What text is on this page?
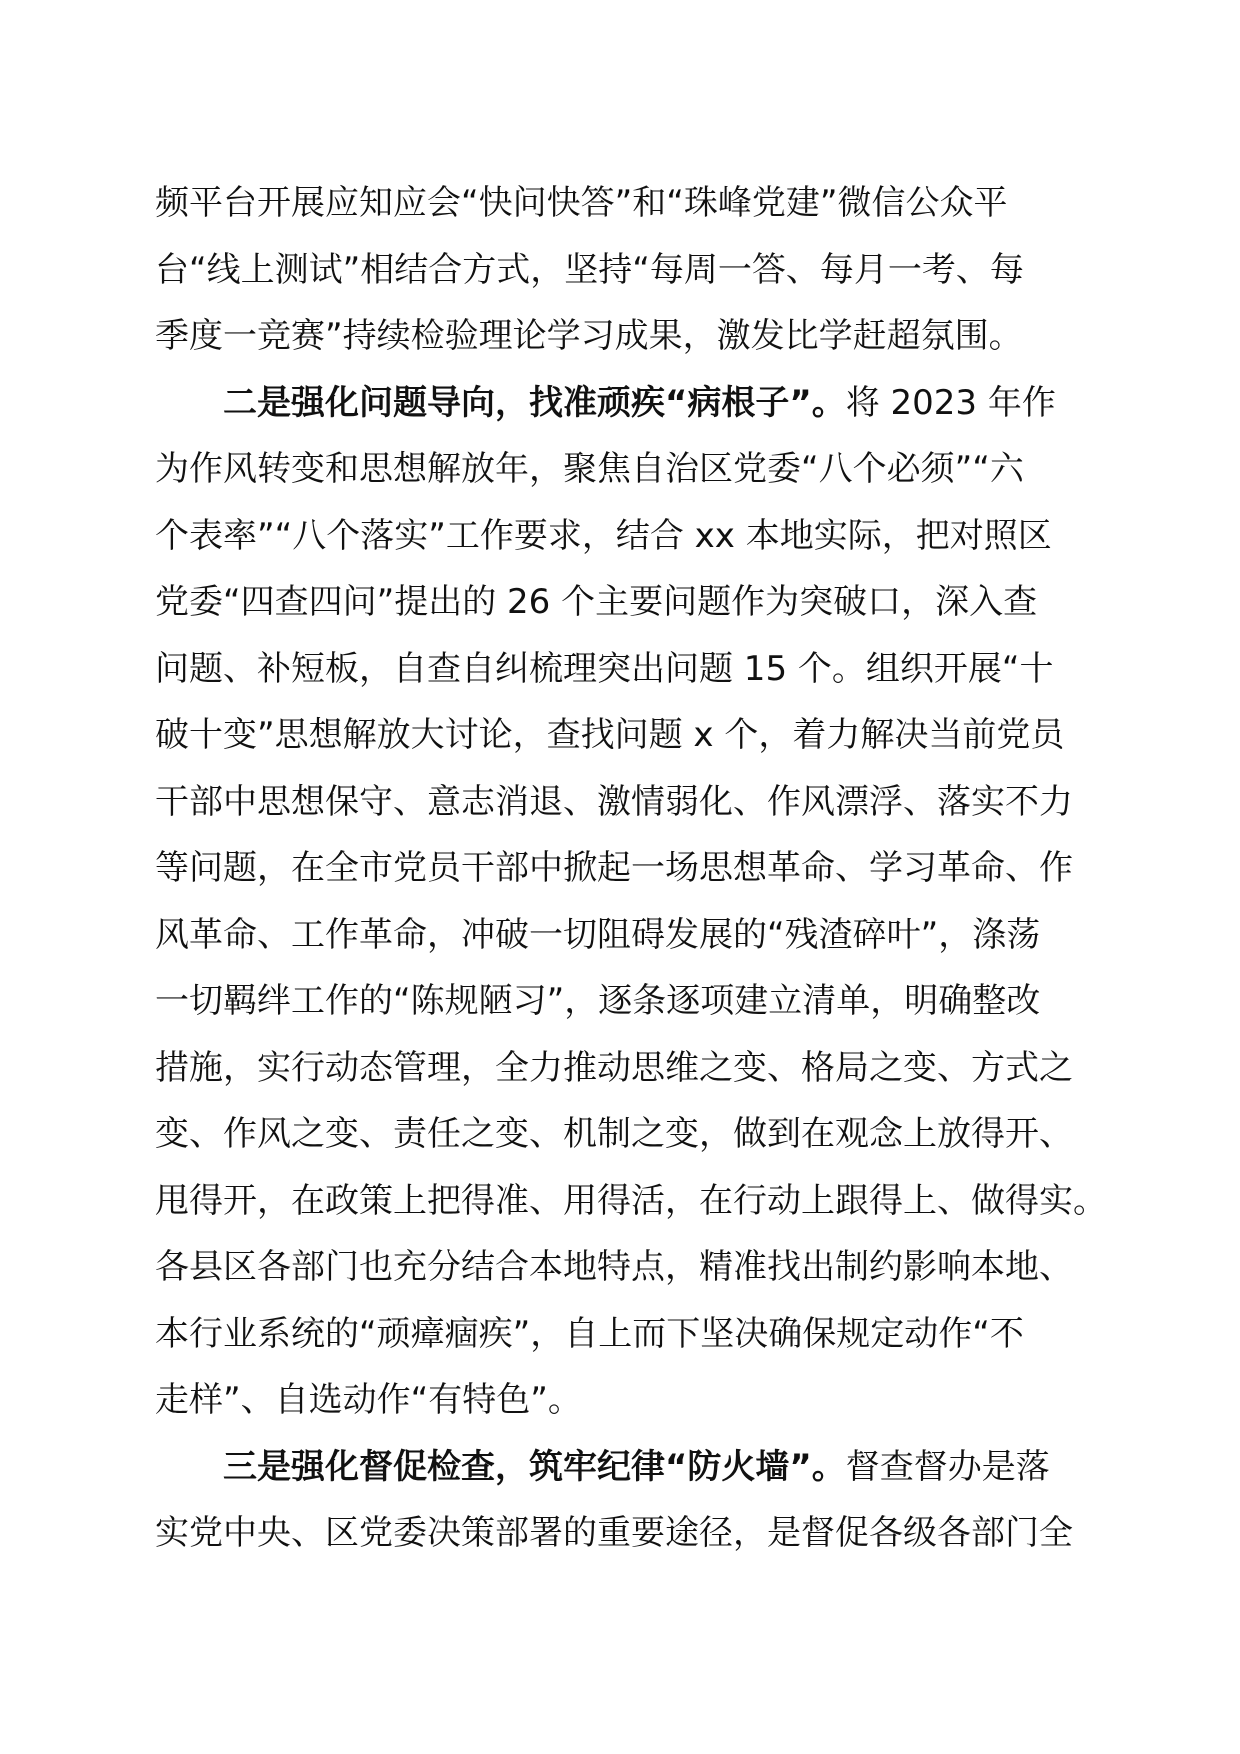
频平台开展应知应会“快问快答”和“珠峰党建”微信公众平
台“线上测试”相结合方式，坚持“每周一答、每月一考、每
季度一竞赛”持续检验理论学习成果，激发比学赶超氛围。
二是强化问题导向，找准顽疾“病根子”。将 2023 年作
为作风转变和思想解放年，聚焦自治区党委“八个必须”“六
个表率”“八个落实”工作要求，结合 xx 本地实际，把对照区
党委“四查四问”提出的 26 个主要问题作为突破口，深入查
问题、补短板，自查自纠梳理突出问题 15 个。组织开展“十
破十变”思想解放大讨论，查找问题 x 个，着力解决当前党员
干部中思想保守、意志消退、激情弱化、作风漂浮、落实不力
等问题，在全市党员干部中掀起一场思想革命、学习革命、作
风革命、工作革命，冲破一切阻碍发展的“残渣碎叶”，涤荡
一切羁绊工作的“陈规陋习”，逐条逐项建立清单，明确整改
措施，实行动态管理，全力推动思维之变、格局之变、方式之
变、作风之变、责任之变、机制之变，做到在观念上放得开、
甩得开，在政策上把得准、用得活，在行动上跟得上、做得实。
各县区各部门也充分结合本地特点，精准找出制约影响本地、
本行业系统的“顽瘴痼疾”，自上而下坚决确保规定动作“不
走样”、自选动作“有特色”。
三是强化督促检查，筑牢纪律“防火墙”。督查督办是落
实党中央、区党委决策部署的重要途径，是督促各级各部门全
